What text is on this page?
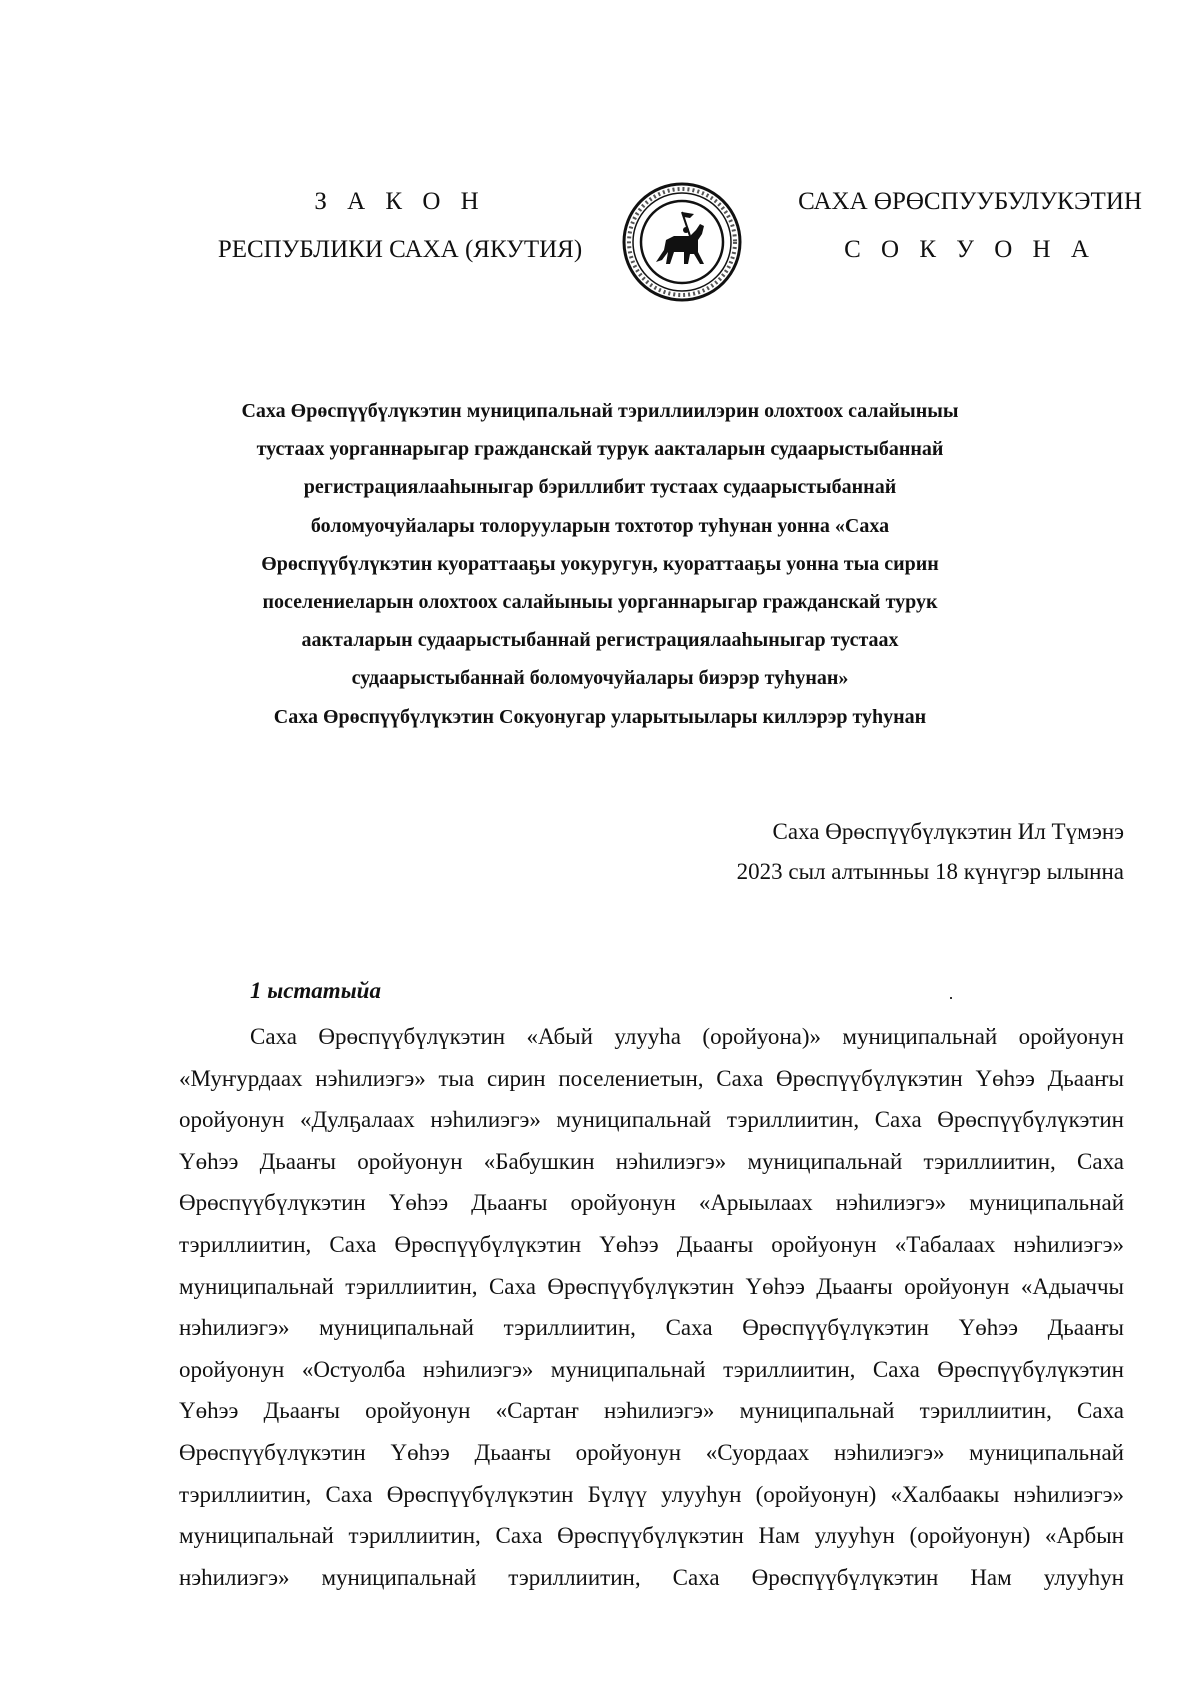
З А К О Н
РЕСПУБЛИКИ САХА (ЯКУТИЯ)
САХА ӨРӨСПУУБУЛУКЭТИН
С О К У О Н А
Саха Өрөспүүбүлүкэтин муниципальнай тэриллиилэрин олохтоох салайыныы
тустаах уорганнарыгар гражданскай турук аакталарын судаарыстыбаннай
регистрациялааһыныгар бэриллибит тустаах судаарыстыбаннай
боломуочуйалары толорууларын тохтотор туһунан уонна «Саха
Өрөспүүбүлүкэтин куораттааҕы уокуругун, куораттааҕы уонна тыа сирин
поселениеларын олохтоох салайыныы уорганнарыгар гражданскай турук
аакталарын судаарыстыбаннай регистрациялааһыныгар тустаах
судаарыстыбаннай боломуочуйалары биэрэр туһунан»
Саха Өрөспүүбүлүкэтин Сокуонугар уларытыылары киллэрэр туһунан
Саха Өрөспүүбүлүкэтин Ил Түмэнэ
2023 сыл алтынньы 18 күнүгэр ылынна
1 ыстатыйа
Саха Өрөспүүбүлүкэтин «Абый улууһа (оройуона)» муниципальнай оройуонун
«Муҥурдаах нэһилиэгэ» тыа сирин поселениетын, Саха Өрөспүүбүлүкэтин Үөһээ Дьааҥы
оройуонун «Дулҕалаах нэһилиэгэ» муниципальнай тэриллиитин, Саха Өрөспүүбүлүкэтин
Үөһээ Дьааҥы оройуонун «Бабушкин нэһилиэгэ» муниципальнай тэриллиитин, Саха
Өрөспүүбүлүкэтин Үөһээ Дьааҥы оройуонун «Арыылаах нэһилиэгэ» муниципальнай
тэриллиитин, Саха Өрөспүүбүлүкэтин Үөһээ Дьааҥы оройуонун «Табалаах нэһилиэгэ»
муниципальнай тэриллиитин, Саха Өрөспүүбүлүкэтин Үөһээ Дьааҥы оройуонун «Адыаччы
нэһилиэгэ» муниципальнай тэриллиитин, Саха Өрөспүүбүлүкэтин Үөһээ Дьааҥы
оройуонун «Остуолба нэһилиэгэ» муниципальнай тэриллиитин, Саха Өрөспүүбүлүкэтин
Үөһээ Дьааҥы оройуонун «Сартаҥ нэһилиэгэ» муниципальнай тэриллиитин, Саха
Өрөспүүбүлүкэтин Үөһээ Дьааҥы оройуонун «Суордаах нэһилиэгэ» муниципальнай
тэриллиитин, Саха Өрөспүүбүлүкэтин Бүлүү улууһун (оройуонун) «Халбаакы нэһилиэгэ»
муниципальнай тэриллиитин, Саха Өрөспүүбүлүкэтин Нам улууһун (оройуонун) «Арбын
нэһилиэгэ» муниципальнай тэриллиитин, Саха Өрөспүүбүлүкэтин Нам улууһун
